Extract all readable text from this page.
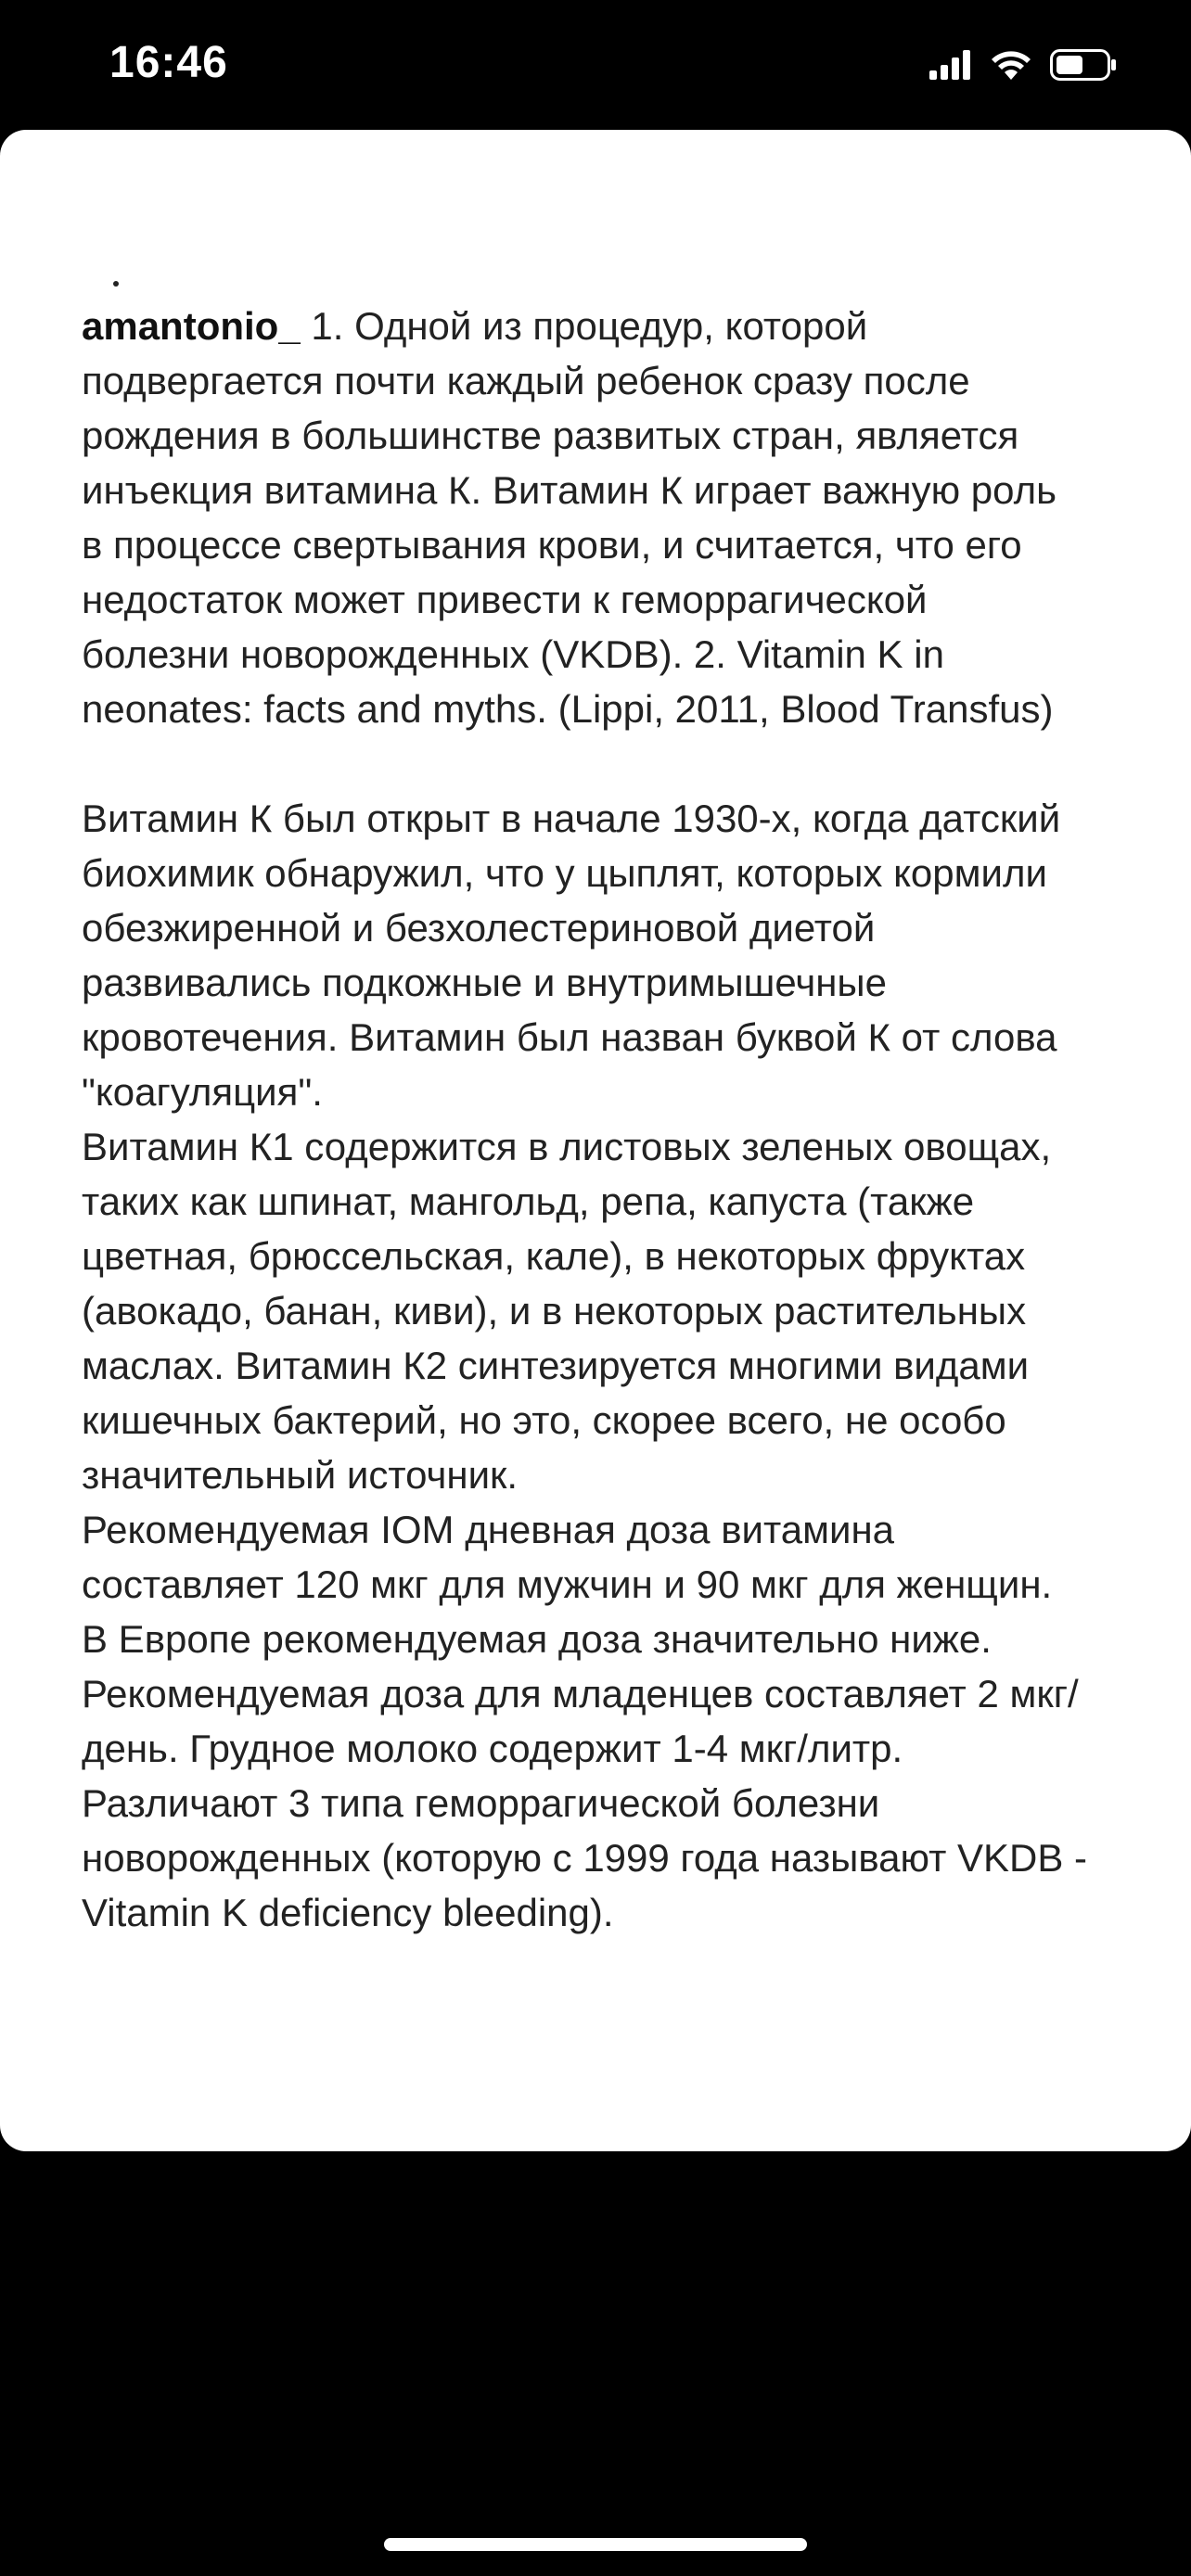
16:46
amantonio_ 1. Одной из процедур, которой
подвергается почти каждый ребенок сразу после
рождения в большинстве развитых стран, является
инъекция витамина К. Витамин К играет важную роль
в процессе свертывания крови, и считается, что его
недостаток может привести к геморрагической
болезни новорожденных (VKDB). 2. Vitamin K in
neonates: facts and myths. (Lippi, 2011, Blood Transfus)

Витамин К был открыт в начале 1930-х, когда датский
биохимик обнаружил, что у цыплят, которых кормили
обезжиренной и безхолестериновой диетой
развивались подкожные и внутримышечные
кровотечения. Витамин был назван буквой К от слова
"коагуляция".
Витамин К1 содержится в листовых зеленых овощах,
таких как шпинат, мангольд, репа, капуста (также
цветная, брюссельская, кале), в некоторых фруктах
(авокадо, банан, киви), и в некоторых растительных
маслах. Витамин К2 синтезируется многими видами
кишечных бактерий, но это, скорее всего, не особо
значительный источник.
Рекомендуемая IOM дневная доза витамина
составляет 120 мкг для мужчин и 90 мкг для женщин.
В Европе рекомендуемая доза значительно ниже.
Рекомендуемая доза для младенцев составляет 2 мкг/
день. Грудное молоко содержит 1-4 мкг/литр.
Различают 3 типа геморрагической болезни
новорожденных (которую с 1999 года называют VKDB -
Vitamin K deficiency bleeding).
